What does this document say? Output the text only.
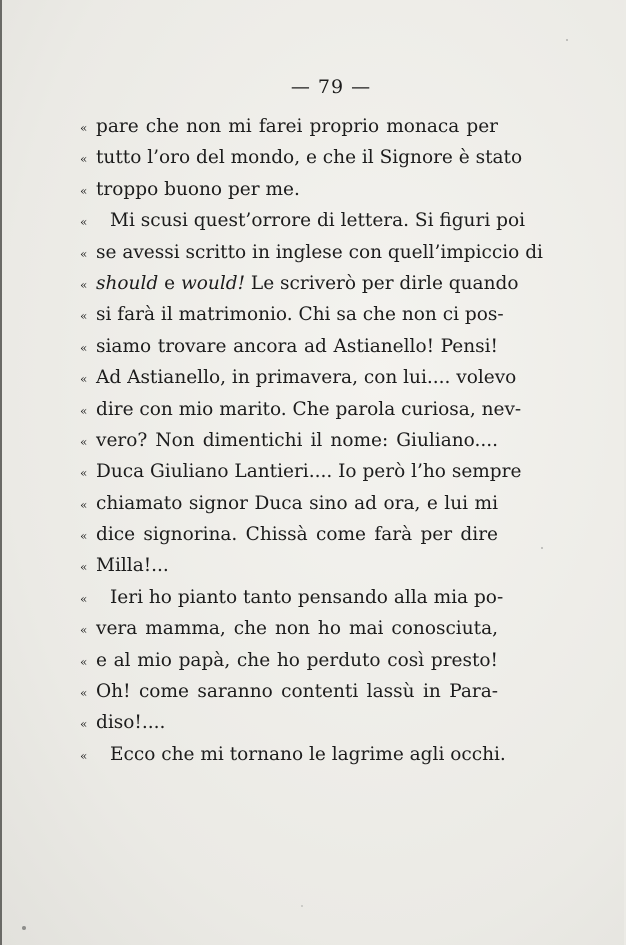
— 79 —
« pare che non mi farei proprio monaca per
« tutto l’oro del mondo, e che il Signore è stato
« troppo buono per me.
«	Mi scusi quest’orrore di lettera. Si figuri poi
« se avessi scritto in inglese con quell’impiccio di
« should e would! Le scriverò per dirle quando
« si farà il matrimonio. Chi sa che non ci pos-
« siamo trovare ancora ad Astianello! Pensi!
« Ad Astianello, in primavera, con lui.... volevo
« dire con mio marito. Che parola curiosa, nev-
« vero? Non dimentichi il nome: Giuliano....
« Duca Giuliano Lantieri.... Io però l’ho sempre
« chiamato signor Duca sino ad ora, e lui mi
« dice signorina. Chissà come farà per dire
« Milla!...
«	Ieri ho pianto tanto pensando alla mia po-
« vera mamma, che non ho mai conosciuta,
« e al mio papà, che ho perduto così presto!
« Oh! come saranno contenti lassù in Para-
« diso!....
«	Ecco che mi tornano le lagrime agli occhi.
